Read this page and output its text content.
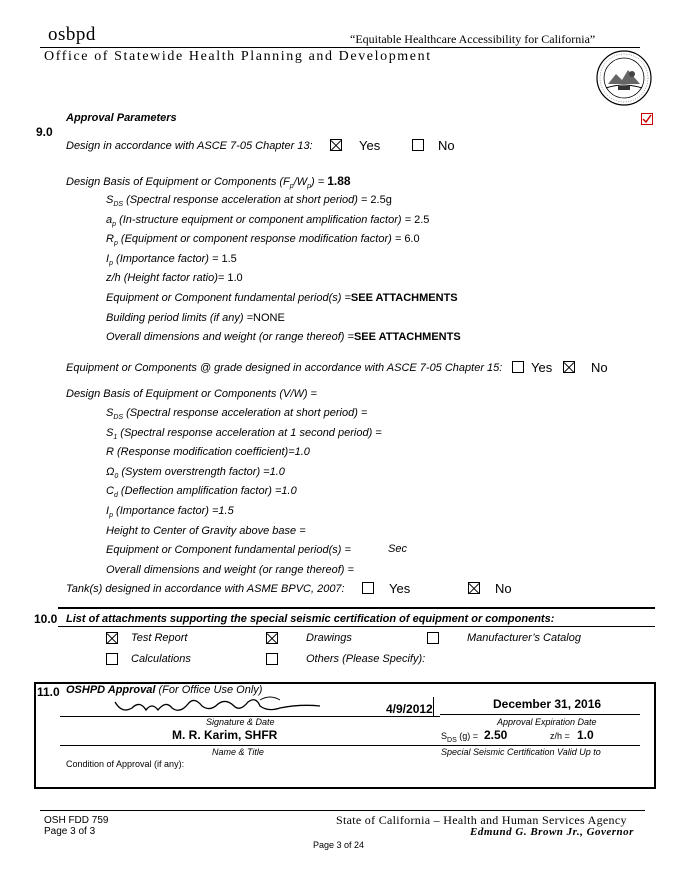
osbpd	“Equitable Healthcare Accessibility for California”
Office of Statewide Health Planning and Development
Approval Parameters
9.0
Design in accordance with ASCE 7-05 Chapter 13:	Yes	No
Design Basis of Equipment or Components $(F_p/W_p) = 1.88$
$S_{DS}$ (Spectral response acceleration at short period) = 2.5g
$a_p$ (In-structure equipment or component amplification factor) = 2.5
$R_p$ (Equipment or component response modification factor) = 6.0
$I_p$ (Importance factor) = 1.5
z/h (Height factor ratio)= 1.0
Equipment or Component fundamental period(s) =SEE ATTACHMENTS
Building period limits (if any) =NONE
Overall dimensions and weight (or range thereof) =SEE ATTACHMENTS
Equipment or Components @ grade designed in accordance with ASCE 7-05 Chapter 15: Yes	No
Design Basis of Equipment or Components (V/W) =
$S_{DS}$ (Spectral response acceleration at short period) =
$S_1$ (Spectral response acceleration at 1 second period) =
R (Response modification coefficient)=1.0
$\Omega_0$ (System overstrength factor) =1.0
$C_d$ (Deflection amplification factor) =1.0
$I_p$ (Importance factor) =1.5
Height to Center of Gravity above base =
Equipment or Component fundamental period(s) =
Overall dimensions and weight (or range thereof) =
Sec
Tank(s) designed in accordance with ASME BPVC, 2007:	Yes	No
10.0 List of attachments supporting the special seismic certification of equipment or components:
Test Report	Drawings	Manufacturer’s Catalog
Calculations	Others (Please Specify):
11.0 OSHPD Approval (For Office Use Only)
4/9/2012	December 31, 2016
Signature & Date	Approval Expiration Date
M. R. Karim, SHFR	$S_{DS}$ (g) = 2.50	z/h = 1.0
Name & Title	Special Seismic Certification Valid Up to
Condition of Approval (if any):
OSH FDD 759
Page 3 of 3
State of California – Health and Human Services Agency
Edmund G. Brown Jr., Governor
Page 3 of 24
